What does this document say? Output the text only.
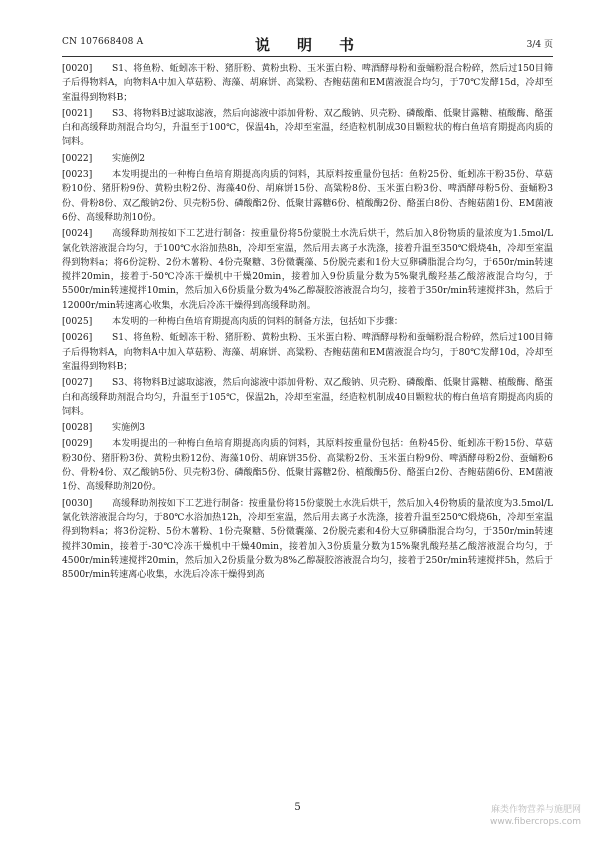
CN 107668408 A	说　明　书	3/4 页

[0020] S1、将鱼粉、蚯蚓冻干粉、猪肝粉、黄粉虫粉、玉米蛋白粉、啤酒酵母粉和蚕蛹粉混合粉碎，然后过150目筛子后得物料A，向物料A中加入草菇粉、海藻、胡麻饼、高粱粉、杏鲍菇菌和EM菌液混合均匀，于70℃发酵15d，冷却至室温得到物料B；

[0021] S3、将物料B过滤取滤液，然后向滤液中添加骨粉、双乙酸钠、贝壳粉、磷酸酯、低聚甘露糖、植酸酶、酪蛋白和高缓释助剂混合均匀，升温至于100℃，保温4h，冷却至室温，经造粒机制成30目颗粒状的梅白鱼培育期提高肉质的饲料。

[0022] 实施例2

[0023] 本发明提出的一种梅白鱼培育期提高肉质的饲料，其原料按重量份包括：鱼粉25份、蚯蚓冻干粉35份、草菇粉10份、猪肝粉9份、黄粉虫粉2份、海藻40份、胡麻饼15份、高粱粉8份、玉米蛋白粉3份、啤酒酵母粉5份、蚕蛹粉3份、骨粉8份、双乙酸钠2份、贝壳粉5份、磷酸酯2份、低聚甘露糖6份、植酸酶2份、酪蛋白8份、杏鲍菇菌1份、EM菌液6份、高缓释助剂10份。

[0024] 高缓释助剂按如下工艺进行制备：按重量份将5份蒙脱土水洗后烘干，然后加入8份物质的量浓度为1.5mol/L氯化铁溶液混合均匀，于100℃水浴加热8h，冷却至室温，然后用去离子水洗涤，接着升温至350℃煅烧4h，冷却至室温得到物料a；将6份淀粉、2份木薯粉、4份壳聚糖、3份微囊藻、5份脱壳素和1份大豆卵磷脂混合均匀，于650r/min转速搅拌20min，接着于-50℃冷冻干燥机中干燥20min，接着加入9份质量分数为5%聚乳酸羟基乙酸溶液混合均匀，于5500r/min转速搅拌10min，然后加入6份质量分数为4%乙醇凝胶溶液混合均匀，接着于350r/min转速搅拌3h，然后于12000r/min转速离心收集，水洗后冷冻干燥得到高缓释助剂。

[0025] 本发明的一种梅白鱼培育期提高肉质的饲料的制备方法，包括如下步骤：

[0026] S1、将鱼粉、蚯蚓冻干粉、猪肝粉、黄粉虫粉、玉米蛋白粉、啤酒酵母粉和蚕蛹粉混合粉碎，然后过100目筛子后得物料A，向物料A中加入草菇粉、海藻、胡麻饼、高粱粉、杏鲍菇菌和EM菌液混合均匀，于80℃发酵10d，冷却至室温得到物料B；

[0027] S3、将物料B过滤取滤液，然后向滤液中添加骨粉、双乙酸钠、贝壳粉、磷酸酯、低聚甘露糖、植酸酶、酪蛋白和高缓释助剂混合均匀，升温至于105℃，保温2h，冷却至室温，经造粒机制成40目颗粒状的梅白鱼培育期提高肉质的饲料。

[0028] 实施例3

[0029] 本发明提出的一种梅白鱼培育期提高肉质的饲料，其原料按重量份包括：鱼粉45份、蚯蚓冻干粉15份、草菇粉30份、猪肝粉3份、黄粉虫粉12份、海藻10份、胡麻饼35份、高粱粉2份、玉米蛋白粉9份、啤酒酵母粉2份、蚕蛹粉6份、骨粉4份、双乙酸钠5份、贝壳粉3份、磷酸酯5份、低聚甘露糖2份、植酸酶5份、酪蛋白2份、杏鲍菇菌6份、EM菌液1份、高缓释助剂20份。

[0030] 高缓释助剂按如下工艺进行制备：按重量份将15份蒙脱土水洗后烘干，然后加入4份物质的量浓度为3.5mol/L氯化铁溶液混合均匀，于80℃水浴加热12h，冷却至室温，然后用去离子水洗涤，接着升温至250℃煅烧6h，冷却至室温得到物料a；将3份淀粉、5份木薯粉、1份壳聚糖、5份微囊藻、2份脱壳素和4份大豆卵磷脂混合均匀，于350r/min转速搅拌30min，接着于-30℃冷冻干燥机中干燥40min，接着加入3份质量分数为15%聚乳酸羟基乙酸溶液混合均匀，于4500r/min转速搅拌20min，然后加入2份质量分数为8%乙醇凝胶溶液混合均匀，接着于250r/min转速搅拌5h，然后于8500r/min转速离心收集，水洗后冷冻干燥得到高

5	麻类作物营养与施肥网
www.fibercrops.com
